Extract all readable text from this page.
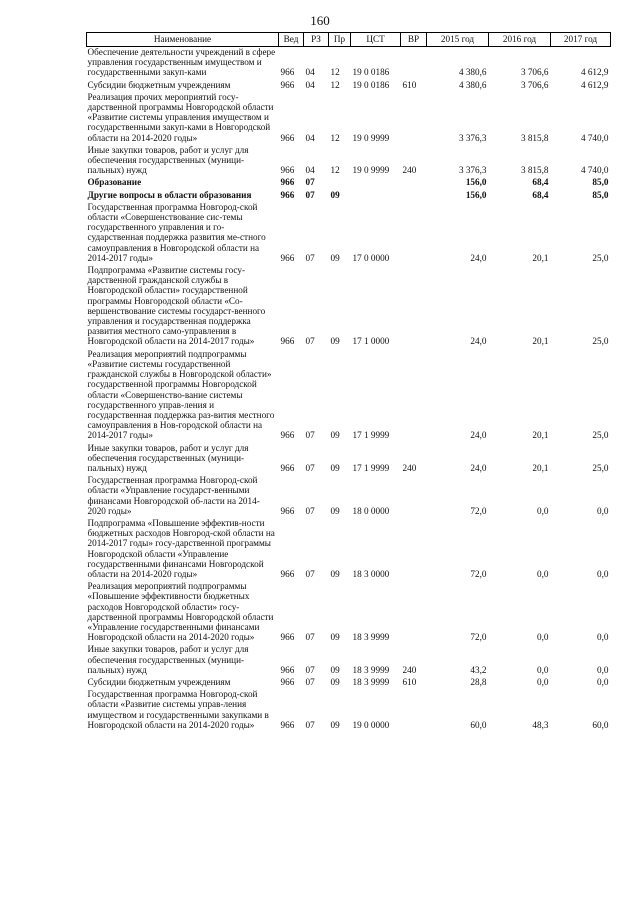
160
Наименование	Вед	РЗ	Пр	ЦСТ	ВР	2015 год	2016 год	2017 год
Обеспечение деятельности учреждений в сфере управления государственным имуществом и государственными закуп-ками	966	04	12	19 0 0186		4 380,6	3 706,6	4 612,9
Субсидии бюджетным учреждениям	966	04	12	19 0 0186	610	4 380,6	3 706,6	4 612,9
Реализация прочих мероприятий госу-дарственной программы Новгородской области «Развитие системы управления имуществом и государственными закуп-ками в Новгородской области на 2014-2020 годы»	966	04	12	19 0 9999		3 376,3	3 815,8	4 740,0
Иные закупки товаров, работ и услуг для обеспечения государственных (муници-пальных) нужд	966	04	12	19 0 9999	240	3 376,3	3 815,8	4 740,0
Образование	966	07				156,0	68,4	85,0
Другие вопросы в области образования	966	07	09			156,0	68,4	85,0
Государственная программа Новгород-ской области «Совершенствование сис-темы государственного управления и го-сударственная поддержка развития ме-стного самоуправления в Новгородской области на 2014-2017 годы»	966	07	09	17 0 0000		24,0	20,1	25,0
Подпрограмма «Развитие системы госу-дарственной гражданской службы в Новгородской области» государственной программы Новгородской области «Со-вершенствование системы государст-венного управления и государственная поддержка развития местного само-управления в Новгородской области на 2014-2017 годы»	966	07	09	17 1 0000		24,0	20,1	25,0
Реализация мероприятий подпрограммы «Развитие системы государственной гражданской службы в Новгородской области» государственной программы Новгородской области «Совершенство-вание системы государственного управ-ления и государственная поддержка раз-вития местного самоуправления в Нов-городской области на 2014-2017 годы»	966	07	09	17 1 9999		24,0	20,1	25,0
Иные закупки товаров, работ и услуг для обеспечения государственных (муници-пальных) нужд	966	07	09	17 1 9999	240	24,0	20,1	25,0
Государственная программа Новгород-ской области «Управление государст-венными финансами Новгородской об-ласти на 2014-2020 годы»	966	07	09	18 0 0000		72,0	0,0	0,0
Подпрограмма «Повышение эффектив-ности бюджетных расходов Новгород-ской области на 2014-2017 годы» госу-дарственной программы Новгородской области «Управление государственными финансами Новгородской области на 2014-2020 годы»	966	07	09	18 3 0000		72,0	0,0	0,0
Реализация мероприятий подпрограммы «Повышение эффективности бюджетных расходов Новгородской области» госу-дарственной программы Новгородской области «Управление государственными финансами Новгородской области на 2014-2020 годы»	966	07	09	18 3 9999		72,0	0,0	0,0
Иные закупки товаров, работ и услуг для обеспечения государственных (муници-пальных) нужд	966	07	09	18 3 9999	240	43,2	0,0	0,0
Субсидии бюджетным учреждениям	966	07	09	18 3 9999	610	28,8	0,0	0,0
Государственная программа Новгород-ской области «Развитие системы управ-ления имуществом и государственными закупками в Новгородской области на 2014-2020 годы»	966	07	09	19 0 0000		60,0	48,3	60,0
